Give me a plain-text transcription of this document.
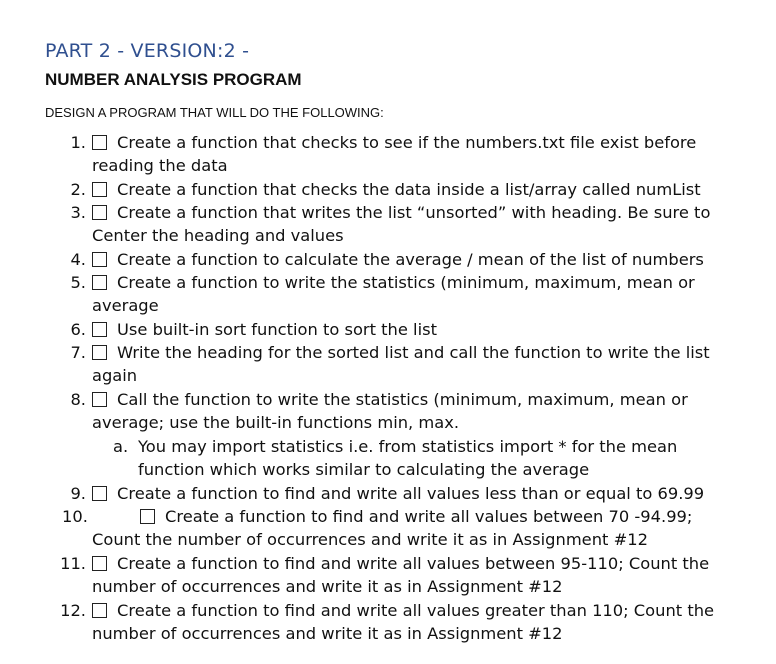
PART 2 - VERSION:2 -
NUMBER ANALYSIS PROGRAM
DESIGN A PROGRAM THAT WILL DO THE FOLLOWING:
1. Create a function that checks to see if the numbers.txt file exist before
reading the data
2. Create a function that checks the data inside a list/array called numList
3. Create a function that writes the list “unsorted” with heading. Be sure to
Center the heading and values
4. Create a function to calculate the average / mean of the list of numbers
5. Create a function to write the statistics (minimum, maximum, mean or
average
6. Use built-in sort function to sort the list
7. Write the heading for the sorted list and call the function to write the list
again
8. Call the function to write the statistics (minimum, maximum, mean or
average; use the built-in functions min, max.
a. You may import statistics i.e. from statistics import * for the mean
function which works similar to calculating the average
9. Create a function to find and write all values less than or equal to 69.99
10.	Create a function to find and write all values between 70 -94.99;
Count the number of occurrences and write it as in Assignment #12
11. Create a function to find and write all values between 95-110; Count the
number of occurrences and write it as in Assignment #12
12. Create a function to find and write all values greater than 110; Count the
number of occurrences and write it as in Assignment #12
